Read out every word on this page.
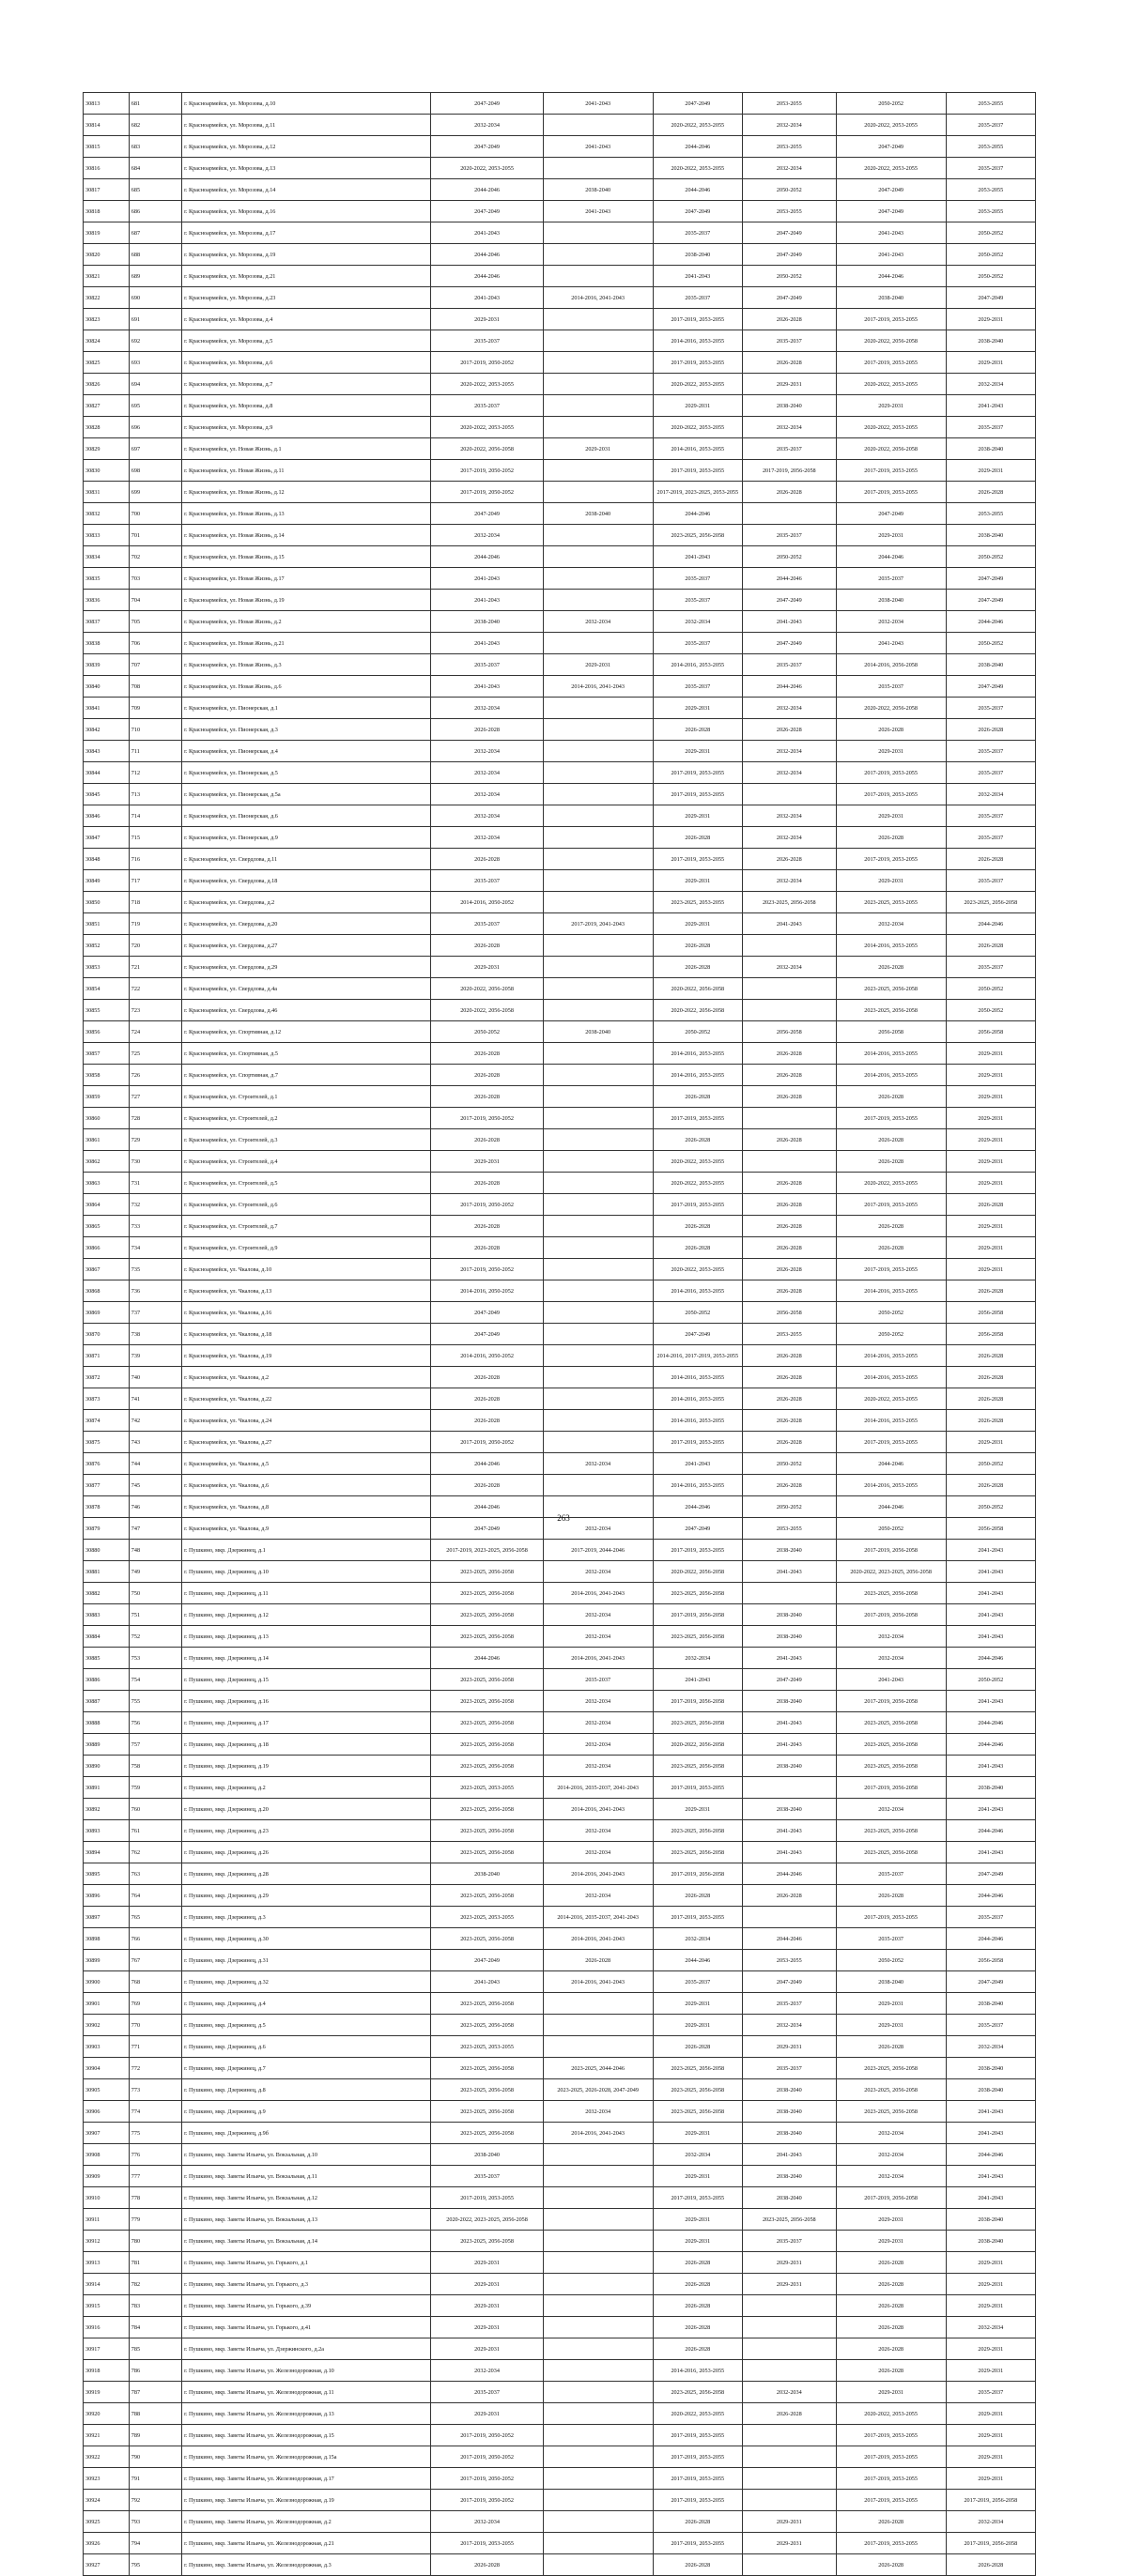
30813	681	г. Красноармейск, ул. Морозова, д.10	2047-2049	2041-2043	2047-2049	2053-2055	2050-2052	2053-2055
30814	682	г. Красноармейск, ул. Морозова, д.11	2032-2034		2020-2022, 2053-2055	2032-2034	2020-2022, 2053-2055	2035-2037
30815	683	г. Красноармейск, ул. Морозова, д.12	2047-2049	2041-2043	2044-2046	2053-2055	2047-2049	2053-2055
30816	684	г. Красноармейск, ул. Морозова, д.13	2020-2022, 2053-2055		2020-2022, 2053-2055	2032-2034	2020-2022, 2053-2055	2035-2037
30817	685	г. Красноармейск, ул. Морозова, д.14	2044-2046	2038-2040	2044-2046	2050-2052	2047-2049	2053-2055
30818	686	г. Красноармейск, ул. Морозова, д.16	2047-2049	2041-2043	2047-2049	2053-2055	2047-2049	2053-2055
30819	687	г. Красноармейск, ул. Морозова, д.17	2041-2043		2035-2037	2047-2049	2041-2043	2050-2052
30820	688	г. Красноармейск, ул. Морозова, д.19	2044-2046		2038-2040	2047-2049	2041-2043	2050-2052
30821	689	г. Красноармейск, ул. Морозова, д.21	2044-2046		2041-2043	2050-2052	2044-2046	2050-2052
30822	690	г. Красноармейск, ул. Морозова, д.23	2041-2043	2014-2016, 2041-2043	2035-2037	2047-2049	2038-2040	2047-2049
30823	691	г. Красноармейск, ул. Морозова, д.4	2029-2031		2017-2019, 2053-2055	2026-2028	2017-2019, 2053-2055	2029-2031
30824	692	г. Красноармейск, ул. Морозова, д.5	2035-2037		2014-2016, 2053-2055	2035-2037	2020-2022, 2056-2058	2038-2040
30825	693	г. Красноармейск, ул. Морозова, д.6	2017-2019, 2050-2052		2017-2019, 2053-2055	2026-2028	2017-2019, 2053-2055	2029-2031
30826	694	г. Красноармейск, ул. Морозова, д.7	2020-2022, 2053-2055		2020-2022, 2053-2055	2029-2031	2020-2022, 2053-2055	2032-2034
30827	695	г. Красноармейск, ул. Морозова, д.8	2035-2037		2029-2031	2038-2040	2029-2031	2041-2043
30828	696	г. Красноармейск, ул. Морозова, д.9	2020-2022, 2053-2055		2020-2022, 2053-2055	2032-2034	2020-2022, 2053-2055	2035-2037
30829	697	г. Красноармейск, ул. Новая Жизнь, д.1	2020-2022, 2056-2058	2029-2031	2014-2016, 2053-2055	2035-2037	2020-2022, 2056-2058	2038-2040
30830	698	г. Красноармейск, ул. Новая Жизнь, д.11	2017-2019, 2050-2052		2017-2019, 2053-2055	2017-2019, 2056-2058	2017-2019, 2053-2055	2029-2031
30831	699	г. Красноармейск, ул. Новая Жизнь, д.12	2017-2019, 2050-2052		2017-2019, 2023-2025, 2053-2055	2026-2028	2017-2019, 2053-2055	2026-2028
30832	700	г. Красноармейск, ул. Новая Жизнь, д.13	2047-2049	2038-2040	2044-2046		2047-2049	2053-2055
30833	701	г. Красноармейск, ул. Новая Жизнь, д.14	2032-2034		2023-2025, 2056-2058	2035-2037	2029-2031	2038-2040
30834	702	г. Красноармейск, ул. Новая Жизнь, д.15	2044-2046		2041-2043	2050-2052	2044-2046	2050-2052
30835	703	г. Красноармейск, ул. Новая Жизнь, д.17	2041-2043		2035-2037	2044-2046	2035-2037	2047-2049
30836	704	г. Красноармейск, ул. Новая Жизнь, д.19	2041-2043		2035-2037	2047-2049	2038-2040	2047-2049
30837	705	г. Красноармейск, ул. Новая Жизнь, д.2	2038-2040	2032-2034	2032-2034	2041-2043	2032-2034	2044-2046
30838	706	г. Красноармейск, ул. Новая Жизнь, д.21	2041-2043		2035-2037	2047-2049	2041-2043	2050-2052
30839	707	г. Красноармейск, ул. Новая Жизнь, д.3	2035-2037	2029-2031	2014-2016, 2053-2055	2035-2037	2014-2016, 2056-2058	2038-2040
30840	708	г. Красноармейск, ул. Новая Жизнь, д.6	2041-2043	2014-2016, 2041-2043	2035-2037	2044-2046	2035-2037	2047-2049
30841	709	г. Красноармейск, ул. Пионерская, д.1	2032-2034		2029-2031	2032-2034	2020-2022, 2056-2058	2035-2037
30842	710	г. Красноармейск, ул. Пионерская, д.3	2026-2028		2026-2028	2026-2028	2026-2028	2026-2028
30843	711	г. Красноармейск, ул. Пионерская, д.4	2032-2034		2029-2031	2032-2034	2029-2031	2035-2037
30844	712	г. Красноармейск, ул. Пионерская, д.5	2032-2034		2017-2019, 2053-2055	2032-2034	2017-2019, 2053-2055	2035-2037
30845	713	г. Красноармейск, ул. Пионерская, д.5а	2032-2034		2017-2019, 2053-2055		2017-2019, 2053-2055	2032-2034
30846	714	г. Красноармейск, ул. Пионерская, д.6	2032-2034		2029-2031	2032-2034	2029-2031	2035-2037
30847	715	г. Красноармейск, ул. Пионерская, д.9	2032-2034		2026-2028	2032-2034	2026-2028	2035-2037
30848	716	г. Красноармейск, ул. Свердлова, д.11	2026-2028		2017-2019, 2053-2055	2026-2028	2017-2019, 2053-2055	2026-2028
30849	717	г. Красноармейск, ул. Свердлова, д.18	2035-2037		2029-2031	2032-2034	2029-2031	2035-2037
30850	718	г. Красноармейск, ул. Свердлова, д.2	2014-2016, 2050-2052		2023-2025, 2053-2055	2023-2025, 2056-2058	2023-2025, 2053-2055	2023-2025, 2056-2058
30851	719	г. Красноармейск, ул. Свердлова, д.20	2035-2037	2017-2019, 2041-2043	2029-2031	2041-2043	2032-2034	2044-2046
30852	720	г. Красноармейск, ул. Свердлова, д.27	2026-2028		2026-2028		2014-2016, 2053-2055	2026-2028
30853	721	г. Красноармейск, ул. Свердлова, д.29	2029-2031		2026-2028	2032-2034	2026-2028	2035-2037
30854	722	г. Красноармейск, ул. Свердлова, д.4а	2020-2022, 2056-2058		2020-2022, 2056-2058		2023-2025, 2056-2058	2050-2052
30855	723	г. Красноармейск, ул. Свердлова, д.46	2020-2022, 2056-2058		2020-2022, 2056-2058		2023-2025, 2056-2058	2050-2052
30856	724	г. Красноармейск, ул. Спортивная, д.12	2050-2052	2038-2040	2050-2052	2056-2058	2056-2058	2056-2058
30857	725	г. Красноармейск, ул. Спортивная, д.5	2026-2028		2014-2016, 2053-2055	2026-2028	2014-2016, 2053-2055	2029-2031
30858	726	г. Красноармейск, ул. Спортивная, д.7	2026-2028		2014-2016, 2053-2055	2026-2028	2014-2016, 2053-2055	2029-2031
30859	727	г. Красноармейск, ул. Строителей, д.1	2026-2028		2026-2028	2026-2028	2026-2028	2029-2031
30860	728	г. Красноармейск, ул. Строителей, д.2	2017-2019, 2050-2052		2017-2019, 2053-2055		2017-2019, 2053-2055	2029-2031
30861	729	г. Красноармейск, ул. Строителей, д.3	2026-2028		2026-2028	2026-2028	2026-2028	2029-2031
30862	730	г. Красноармейск, ул. Строителей, д.4	2029-2031		2020-2022, 2053-2055		2026-2028	2029-2031
30863	731	г. Красноармейск, ул. Строителей, д.5	2026-2028		2020-2022, 2053-2055	2026-2028	2020-2022, 2053-2055	2029-2031
30864	732	г. Красноармейск, ул. Строителей, д.6	2017-2019, 2050-2052		2017-2019, 2053-2055	2026-2028	2017-2019, 2053-2055	2026-2028
30865	733	г. Красноармейск, ул. Строителей, д.7	2026-2028		2026-2028	2026-2028	2026-2028	2029-2031
30866	734	г. Красноармейск, ул. Строителей, д.9	2026-2028		2026-2028	2026-2028	2026-2028	2029-2031
30867	735	г. Красноармейск, ул. Чкалова, д.10	2017-2019, 2050-2052		2020-2022, 2053-2055	2026-2028	2017-2019, 2053-2055	2029-2031
30868	736	г. Красноармейск, ул. Чкалова, д.13	2014-2016, 2050-2052		2014-2016, 2053-2055	2026-2028	2014-2016, 2053-2055	2026-2028
30869	737	г. Красноармейск, ул. Чкалова, д.16	2047-2049		2050-2052	2056-2058	2050-2052	2056-2058
30870	738	г. Красноармейск, ул. Чкалова, д.18	2047-2049		2047-2049	2053-2055	2050-2052	2056-2058
30871	739	г. Красноармейск, ул. Чкалова, д.19	2014-2016, 2050-2052		2014-2016, 2017-2019, 2053-2055	2026-2028	2014-2016, 2053-2055	2026-2028
30872	740	г. Красноармейск, ул. Чкалова, д.2	2026-2028		2014-2016, 2053-2055	2026-2028	2014-2016, 2053-2055	2026-2028
30873	741	г. Красноармейск, ул. Чкалова, д.22	2026-2028		2014-2016, 2053-2055	2026-2028	2020-2022, 2053-2055	2026-2028
30874	742	г. Красноармейск, ул. Чкалова, д.24	2026-2028		2014-2016, 2053-2055	2026-2028	2014-2016, 2053-2055	2026-2028
30875	743	г. Красноармейск, ул. Чкалова, д.27	2017-2019, 2050-2052		2017-2019, 2053-2055	2026-2028	2017-2019, 2053-2055	2029-2031
30876	744	г. Красноармейск, ул. Чкалова, д.5	2044-2046	2032-2034	2041-2043	2050-2052	2044-2046	2050-2052
30877	745	г. Красноармейск, ул. Чкалова, д.6	2026-2028		2014-2016, 2053-2055	2026-2028	2014-2016, 2053-2055	2026-2028
30878	746	г. Красноармейск, ул. Чкалова, д.8	2044-2046		2044-2046	2050-2052	2044-2046	2050-2052
30879	747	г. Красноармейск, ул. Чкалова, д.9	2047-2049	2032-2034	2047-2049	2053-2055	2050-2052	2056-2058
30880	748	г. Пушкино, мкр. Дзержинец, д.1	2017-2019, 2023-2025, 2056-2058	2017-2019, 2044-2046	2017-2019, 2053-2055	2038-2040	2017-2019, 2056-2058	2041-2043
30881	749	г. Пушкино, мкр. Дзержинец, д.10	2023-2025, 2056-2058	2032-2034	2020-2022, 2056-2058	2041-2043	2020-2022, 2023-2025, 2056-2058	2041-2043
30882	750	г. Пушкино, мкр. Дзержинец, д.11	2023-2025, 2056-2058	2014-2016, 2041-2043	2023-2025, 2056-2058		2023-2025, 2056-2058	2041-2043
30883	751	г. Пушкино, мкр. Дзержинец, д.12	2023-2025, 2056-2058	2032-2034	2017-2019, 2056-2058	2038-2040	2017-2019, 2056-2058	2041-2043
30884	752	г. Пушкино, мкр. Дзержинец, д.13	2023-2025, 2056-2058	2032-2034	2023-2025, 2056-2058	2038-2040	2032-2034	2041-2043
30885	753	г. Пушкино, мкр. Дзержинец, д.14	2044-2046	2014-2016, 2041-2043	2032-2034	2041-2043	2032-2034	2044-2046
30886	754	г. Пушкино, мкр. Дзержинец, д.15	2023-2025, 2056-2058	2035-2037	2041-2043	2047-2049	2041-2043	2050-2052
30887	755	г. Пушкино, мкр. Дзержинец, д.16	2023-2025, 2056-2058	2032-2034	2017-2019, 2056-2058	2038-2040	2017-2019, 2056-2058	2041-2043
30888	756	г. Пушкино, мкр. Дзержинец, д.17	2023-2025, 2056-2058	2032-2034	2023-2025, 2056-2058	2041-2043	2023-2025, 2056-2058	2044-2046
30889	757	г. Пушкино, мкр. Дзержинец, д.18	2023-2025, 2056-2058	2032-2034	2020-2022, 2056-2058	2041-2043	2023-2025, 2056-2058	2044-2046
30890	758	г. Пушкино, мкр. Дзержинец, д.19	2023-2025, 2056-2058	2032-2034	2023-2025, 2056-2058	2038-2040	2023-2025, 2056-2058	2041-2043
30891	759	г. Пушкино, мкр. Дзержинец, д.2	2023-2025, 2053-2055	2014-2016, 2035-2037, 2041-2043	2017-2019, 2053-2055		2017-2019, 2056-2058	2038-2040
30892	760	г. Пушкино, мкр. Дзержинец, д.20	2023-2025, 2056-2058	2014-2016, 2041-2043	2029-2031	2038-2040	2032-2034	2041-2043
30893	761	г. Пушкино, мкр. Дзержинец, д.23	2023-2025, 2056-2058	2032-2034	2023-2025, 2056-2058	2041-2043	2023-2025, 2056-2058	2044-2046
30894	762	г. Пушкино, мкр. Дзержинец, д.26	2023-2025, 2056-2058	2032-2034	2023-2025, 2056-2058	2041-2043	2023-2025, 2056-2058	2041-2043
30895	763	г. Пушкино, мкр. Дзержинец, д.28	2038-2040	2014-2016, 2041-2043	2017-2019, 2056-2058	2044-2046	2035-2037	2047-2049
30896	764	г. Пушкино, мкр. Дзержинец, д.29	2023-2025, 2056-2058	2032-2034	2026-2028	2026-2028	2026-2028	2044-2046
30897	765	г. Пушкино, мкр. Дзержинец, д.3	2023-2025, 2053-2055	2014-2016, 2035-2037, 2041-2043	2017-2019, 2053-2055		2017-2019, 2053-2055	2035-2037
30898	766	г. Пушкино, мкр. Дзержинец, д.30	2023-2025, 2056-2058	2014-2016, 2041-2043	2032-2034	2044-2046	2035-2037	2044-2046
30899	767	г. Пушкино, мкр. Дзержинец, д.31	2047-2049	2026-2028	2044-2046	2053-2055	2050-2052	2056-2058
30900	768	г. Пушкино, мкр. Дзержинец, д.32	2041-2043	2014-2016, 2041-2043	2035-2037	2047-2049	2038-2040	2047-2049
30901	769	г. Пушкино, мкр. Дзержинец, д.4	2023-2025, 2056-2058		2029-2031	2035-2037	2029-2031	2038-2040
30902	770	г. Пушкино, мкр. Дзержинец, д.5	2023-2025, 2056-2058		2029-2031	2032-2034	2029-2031	2035-2037
30903	771	г. Пушкино, мкр. Дзержинец, д.6	2023-2025, 2053-2055		2026-2028	2029-2031	2026-2028	2032-2034
30904	772	г. Пушкино, мкр. Дзержинец, д.7	2023-2025, 2056-2058	2023-2025, 2044-2046	2023-2025, 2056-2058	2035-2037	2023-2025, 2056-2058	2038-2040
30905	773	г. Пушкино, мкр. Дзержинец, д.8	2023-2025, 2056-2058	2023-2025, 2026-2028, 2047-2049	2023-2025, 2056-2058	2038-2040	2023-2025, 2056-2058	2038-2040
30906	774	г. Пушкино, мкр. Дзержинец, д.9	2023-2025, 2056-2058	2032-2034	2023-2025, 2056-2058	2038-2040	2023-2025, 2056-2058	2041-2043
30907	775	г. Пушкино, мкр. Дзержинец, д.9б	2023-2025, 2056-2058	2014-2016, 2041-2043	2029-2031	2038-2040	2032-2034	2041-2043
30908	776	г. Пушкино, мкр. Заветы Ильича, ул. Вокзальная, д.10	2038-2040		2032-2034	2041-2043	2032-2034	2044-2046
30909	777	г. Пушкино, мкр. Заветы Ильича, ул. Вокзальная, д.11	2035-2037		2029-2031	2038-2040	2032-2034	2041-2043
30910	778	г. Пушкино, мкр. Заветы Ильича, ул. Вокзальная, д.12	2017-2019, 2053-2055		2017-2019, 2053-2055	2038-2040	2017-2019, 2056-2058	2041-2043
30911	779	г. Пушкино, мкр. Заветы Ильича, ул. Вокзальная, д.13	2020-2022, 2023-2025, 2056-2058		2029-2031	2023-2025, 2056-2058	2029-2031	2038-2040
30912	780	г. Пушкино, мкр. Заветы Ильича, ул. Вокзальная, д.14	2023-2025, 2056-2058		2029-2031	2035-2037	2029-2031	2038-2040
30913	781	г. Пушкино, мкр. Заветы Ильича, ул. Горького, д.1	2029-2031		2026-2028	2029-2031	2026-2028	2029-2031
30914	782	г. Пушкино, мкр. Заветы Ильича, ул. Горького, д.3	2029-2031		2026-2028	2029-2031	2026-2028	2029-2031
30915	783	г. Пушкино, мкр. Заветы Ильича, ул. Горького, д.39	2029-2031		2026-2028		2026-2028	2029-2031
30916	784	г. Пушкино, мкр. Заветы Ильича, ул. Горького, д.41	2029-2031		2026-2028		2026-2028	2032-2034
30917	785	г. Пушкино, мкр. Заветы Ильича, ул. Дзержинского, д.2а	2029-2031		2026-2028		2026-2028	2029-2031
30918	786	г. Пушкино, мкр. Заветы Ильича, ул. Железнодорожная, д.10	2032-2034		2014-2016, 2053-2055		2026-2028	2029-2031
30919	787	г. Пушкино, мкр. Заветы Ильича, ул. Железнодорожная, д.11	2035-2037		2023-2025, 2056-2058	2032-2034	2029-2031	2035-2037
30920	788	г. Пушкино, мкр. Заветы Ильича, ул. Железнодорожная, д.13	2029-2031		2020-2022, 2053-2055	2026-2028	2020-2022, 2053-2055	2029-2031
30921	789	г. Пушкино, мкр. Заветы Ильича, ул. Железнодорожная, д.15	2017-2019, 2050-2052		2017-2019, 2053-2055		2017-2019, 2053-2055	2029-2031
30922	790	г. Пушкино, мкр. Заветы Ильича, ул. Железнодорожная, д.15а	2017-2019, 2050-2052		2017-2019, 2053-2055		2017-2019, 2053-2055	2029-2031
30923	791	г. Пушкино, мкр. Заветы Ильича, ул. Железнодорожная, д.17	2017-2019, 2050-2052		2017-2019, 2053-2055		2017-2019, 2053-2055	2029-2031
30924	792	г. Пушкино, мкр. Заветы Ильича, ул. Железнодорожная, д.19	2017-2019, 2050-2052		2017-2019, 2053-2055		2017-2019, 2053-2055	2017-2019, 2056-2058
30925	793	г. Пушкино, мкр. Заветы Ильича, ул. Железнодорожная, д.2	2032-2034		2026-2028	2029-2031	2026-2028	2032-2034
30926	794	г. Пушкино, мкр. Заветы Ильича, ул. Железнодорожная, д.21	2017-2019, 2053-2055		2017-2019, 2053-2055	2029-2031	2017-2019, 2053-2055	2017-2019, 2056-2058
30927	795	г. Пушкино, мкр. Заветы Ильича, ул. Железнодорожная, д.3	2026-2028		2026-2028		2026-2028	2026-2028
263
